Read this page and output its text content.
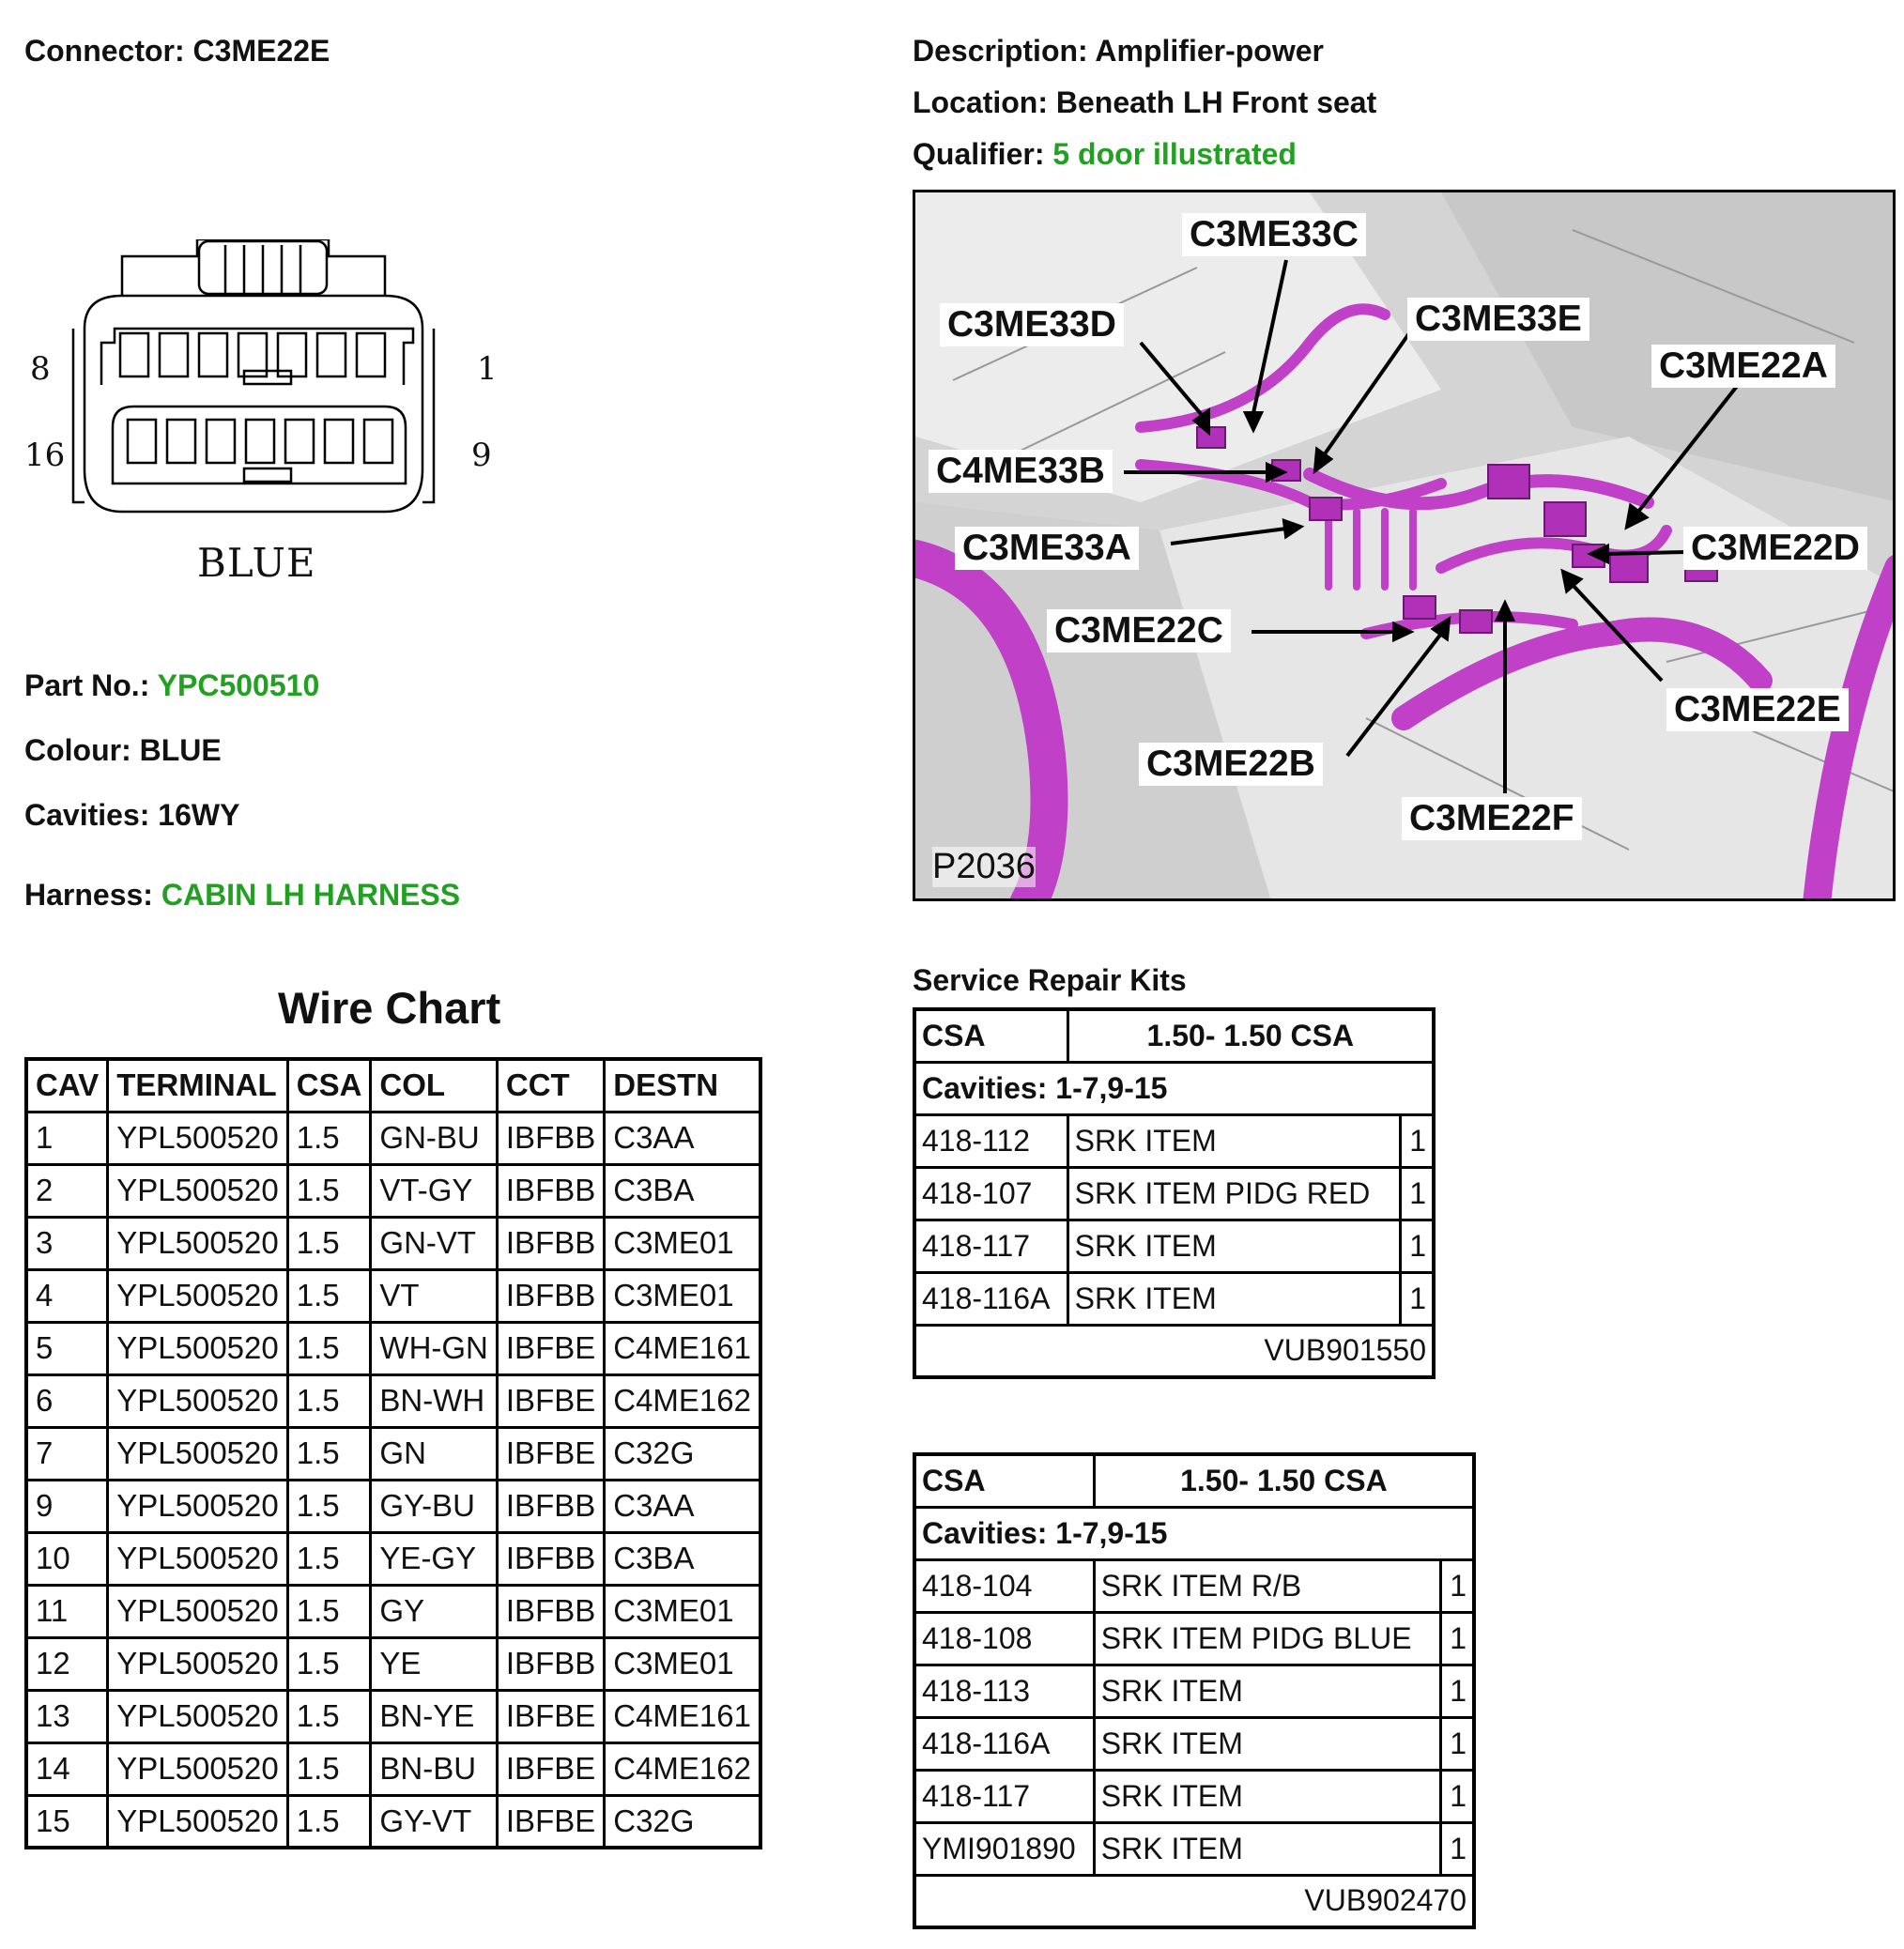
Connector: C3ME22E	Description: Amplifier-power
Location: Beneath LH Front seat
Qualifier: 5 door illustrated
8	1
16	9
BLUE
Part No.: YPC500510
Colour: BLUE
Cavities: 16WY
Harness: CABIN LH HARNESS
C3ME33C
C3ME33D	C3ME33E
C3ME22A
C4ME33B
C3ME33A	C3ME22D
C3ME22C
C3ME22E
C3ME22B
C3ME22F
P2036
Wire Chart
CAV	TERMINAL	CSA	COL	CCT	DESTN
1	YPL500520	1.5	GN-BU	IBFBB	C3AA
2	YPL500520	1.5	VT-GY	IBFBB	C3BA
3	YPL500520	1.5	GN-VT	IBFBB	C3ME01
4	YPL500520	1.5	VT	IBFBB	C3ME01
5	YPL500520	1.5	WH-GN	IBFBE	C4ME161
6	YPL500520	1.5	BN-WH	IBFBE	C4ME162
7	YPL500520	1.5	GN	IBFBE	C32G
9	YPL500520	1.5	GY-BU	IBFBB	C3AA
10	YPL500520	1.5	YE-GY	IBFBB	C3BA
11	YPL500520	1.5	GY	IBFBB	C3ME01
12	YPL500520	1.5	YE	IBFBB	C3ME01
13	YPL500520	1.5	BN-YE	IBFBE	C4ME161
14	YPL500520	1.5	BN-BU	IBFBE	C4ME162
15	YPL500520	1.5	GY-VT	IBFBE	C32G
Service Repair Kits
CSA	1.50- 1.50 CSA	
Cavities: 1-7,9-15		
418-112	SRK ITEM	1
418-107	SRK ITEM PIDG RED	1
418-117	SRK ITEM	1
418-116A	SRK ITEM	1
VUB901550		
CSA	1.50- 1.50 CSA	
Cavities: 1-7,9-15		
418-104	SRK ITEM R/B	1
418-108	SRK ITEM PIDG BLUE	1
418-113	SRK ITEM	1
418-116A	SRK ITEM	1
418-117	SRK ITEM	1
YMI901890	SRK ITEM	1
VUB902470		
